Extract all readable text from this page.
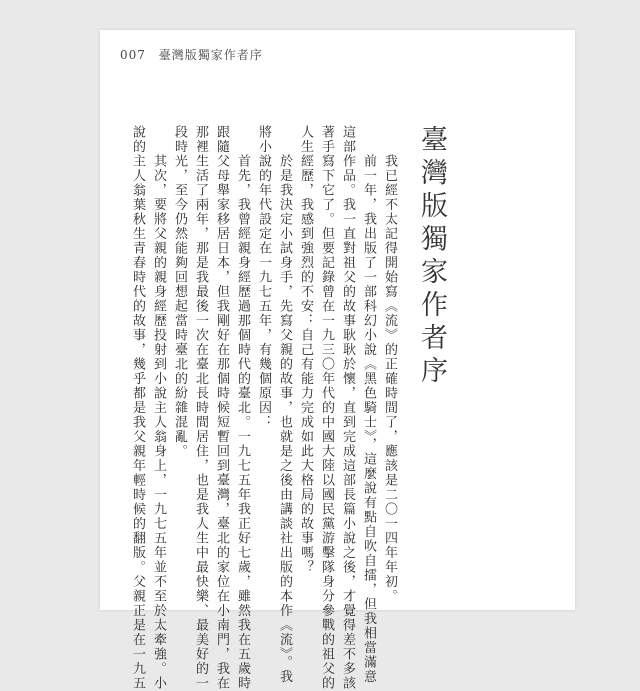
007 臺灣版獨家作者序
臺灣版獨家作者序
　　我已經不太記得開始寫《流》的正確時間了，應該是二〇一四年年初。
　　前一年，我出版了一部科幻小說《黑色騎士》，這麼說有點自吹自擂，但我相當滿意
這部作品。我一直對祖父的故事耿耿於懷，直到完成這部長篇小說之後，才覺得差不多該
著手寫下它了。但要記錄曾在一九三〇年代的中國大陸以國民黨游擊隊身分參戰的祖父的
人生經歷，我感到強烈的不安：自己有能力完成如此大格局的故事嗎？
　　於是我決定小試身手，先寫父親的故事，也就是之後由講談社出版的本作《流》。我
將小說的年代設定在一九七五年，有幾個原因：
　　首先，我曾經親身經歷過那個時代的臺北。一九七五年我正好七歲，雖然我在五歲時
跟隨父母舉家移居日本，但我剛好在那個時候短暫回到臺灣，臺北的家位在小南門，我在
那裡生活了兩年，那是我最後一次在臺北長時間居住，也是我人生中最快樂、最美好的一
段時光，至今仍然能夠回想起當時臺北的紛雜混亂。
　　其次，要將父親的親身經歷投射到小說主人翁身上，一九七五年並不至於太牽強。小
說的主人翁葉秋生青春時代的故事，幾乎都是我父親年輕時候的翻版。父親正是在一九五
